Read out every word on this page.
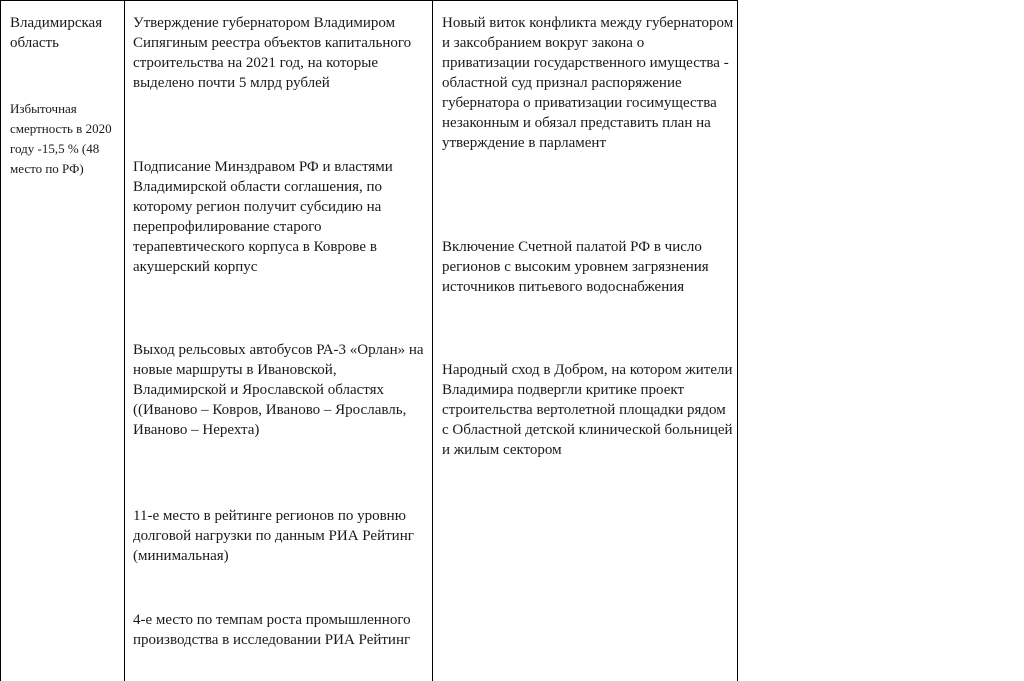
Владимирская область
Избыточная смертность в 2020 году -15,5 % (48 место по РФ)
Утверждение губернатором Владимиром Сипягиным реестра объектов капитального строительства на 2021 год, на которые выделено почти 5 млрд рублей
Подписание Минздравом РФ и властями Владимирской области соглашения, по которому регион получит субсидию на перепрофилирование старого терапевтического корпуса в Коврове в акушерский корпус
Выход рельсовых автобусов РА-3 «Орлан» на новые маршруты в Ивановской, Владимирской и Ярославской областях ((Иваново – Ковров, Иваново – Ярославль, Иваново – Нерехта)
11-е место в рейтинге регионов по уровню долговой нагрузки по данным РИА Рейтинг (минимальная)
4-е место по темпам роста промышленного производства в исследовании РИА Рейтинг
Новый виток конфликта между губернатором и заксобранием вокруг закона о приватизации государственного имущества - областной суд признал распоряжение губернатора о приватизации госимущества незаконным и обязал представить план на утверждение в парламент
Включение Счетной палатой РФ в число регионов с высоким уровнем загрязнения источников питьевого водоснабжения
Народный сход в Добром, на котором жители Владимира подвергли критике проект строительства вертолетной площадки рядом с Областной детской клинической больницей и жилым сектором
